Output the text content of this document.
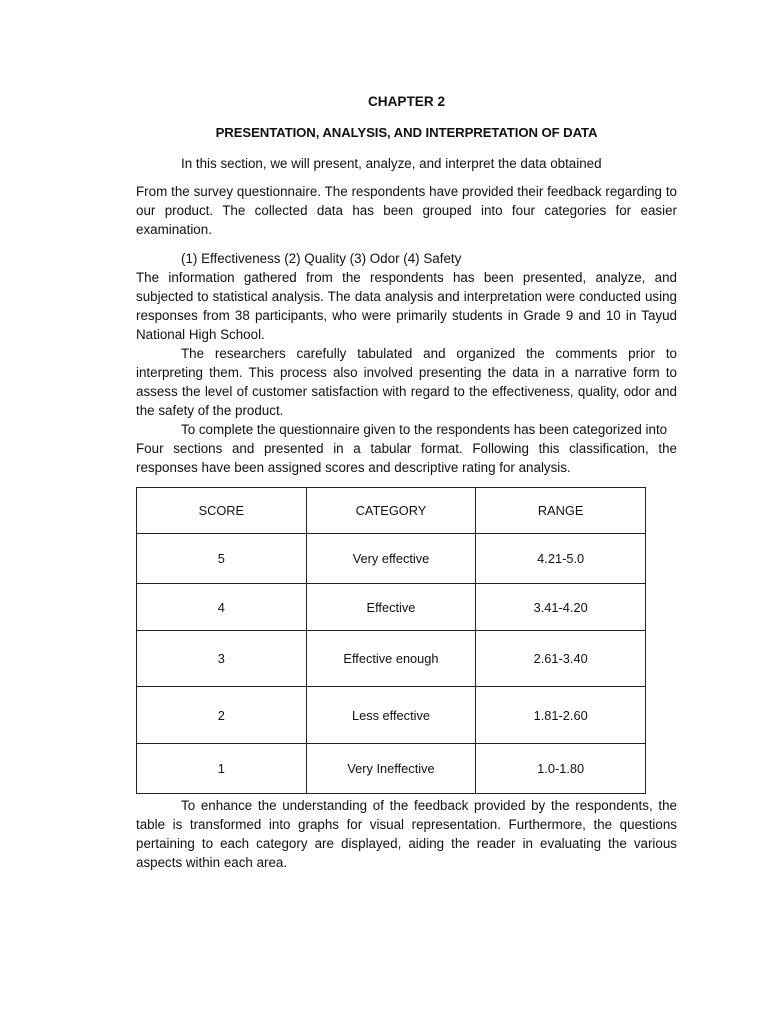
CHAPTER 2
PRESENTATION, ANALYSIS, AND INTERPRETATION OF DATA

In this section, we will present, analyze, and interpret the data obtained

From the survey questionnaire. The respondents have provided their feedback regarding to our product. The collected data has been grouped into four categories for easier examination.

(1) Effectiveness (2) Quality (3) Odor (4) Safety

The information gathered from the respondents has been presented, analyze, and subjected to statistical analysis. The data analysis and interpretation were conducted using responses from 38 participants, who were primarily students in Grade 9 and 10 in Tayud National High School.

The researchers carefully tabulated and organized the comments prior to interpreting them. This process also involved presenting the data in a narrative form to assess the level of customer satisfaction with regard to the effectiveness, quality, odor and the safety of the product.

To complete the questionnaire given to the respondents has been categorized into

Four sections and presented in a tabular format. Following this classification, the responses have been assigned scores and descriptive rating for analysis.

SCORE	CATEGORY	RANGE
5	Very effective	4.21-5.0
4	Effective	3.41-4.20
3	Effective enough	2.61-3.40
2	Less effective	1.81-2.60
1	Very Ineffective	1.0-1.80

To enhance the understanding of the feedback provided by the respondents, the table is transformed into graphs for visual representation. Furthermore, the questions pertaining to each category are displayed, aiding the reader in evaluating the various aspects within each area.
